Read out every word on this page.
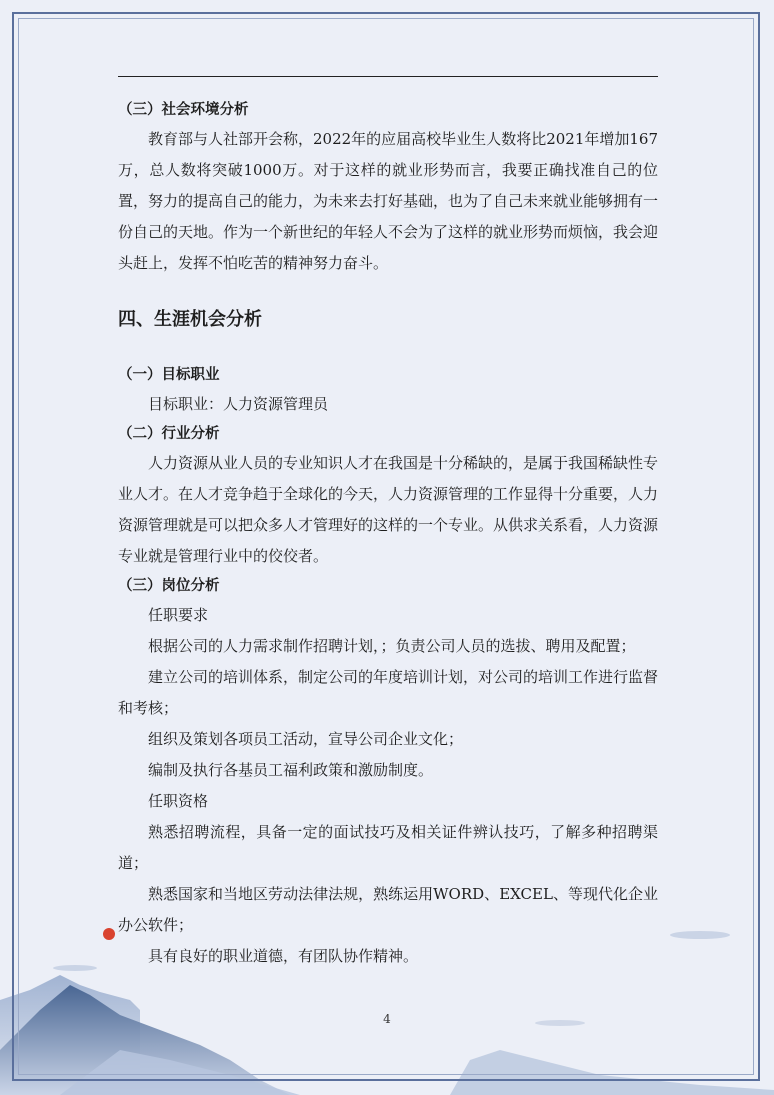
（三）社会环境分析

教育部与人社部开会称，2022年的应届高校毕业生人数将比2021年增加167万，总人数将突破1000万。对于这样的就业形势而言，我要正确找准自己的位置，努力的提高自己的能力，为未来去打好基础，也为了自己未来就业能够拥有一份自己的天地。作为一个新世纪的年轻人不会为了这样的就业形势而烦恼，我会迎头赶上，发挥不怕吃苦的精神努力奋斗。

四、生涯机会分析

（一）目标职业

目标职业：人力资源管理员

（二）行业分析

人力资源从业人员的专业知识人才在我国是十分稀缺的，是属于我国稀缺性专业人才。在人才竞争趋于全球化的今天，人力资源管理的工作显得十分重要，人力资源管理就是可以把众多人才管理好的这样的一个专业。从供求关系看，人力资源专业就是管理行业中的佼佼者。

（三）岗位分析

任职要求

根据公司的人力需求制作招聘计划，；负责公司人员的选拔、聘用及配置；

建立公司的培训体系，制定公司的年度培训计划，对公司的培训工作进行监督和考核；

组织及策划各项员工活动，宣导公司企业文化；

编制及执行各基员工福利政策和激励制度。

任职资格

熟悉招聘流程，具备一定的面试技巧及相关证件辨认技巧，了解多种招聘渠道；

熟悉国家和当地区劳动法律法规，熟练运用WORD、EXCEL、等现代化企业办公软件；

具有良好的职业道德，有团队协作精神。

4
